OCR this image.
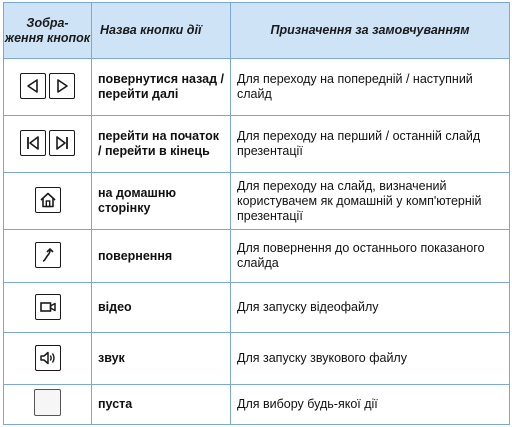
Зобра-
ження кнопок	Назва кнопки дії	Призначення за замовчуванням

	повернутися назад / перейти далі	Для переходу на попередній / наступний слайд

	перейти на початок / перейти в кінець	Для переходу на перший / останній слайд презентації

	на домашню сторінку	Для переходу на слайд, визначений користувачем як домашній у комп'ютерній презентації

	повернення	Для повернення до останнього показаного слайда

	відео	Для запуску відеофайлу

	звук	Для запуску звукового файлу

	пуста	Для вибору будь-якої дії
